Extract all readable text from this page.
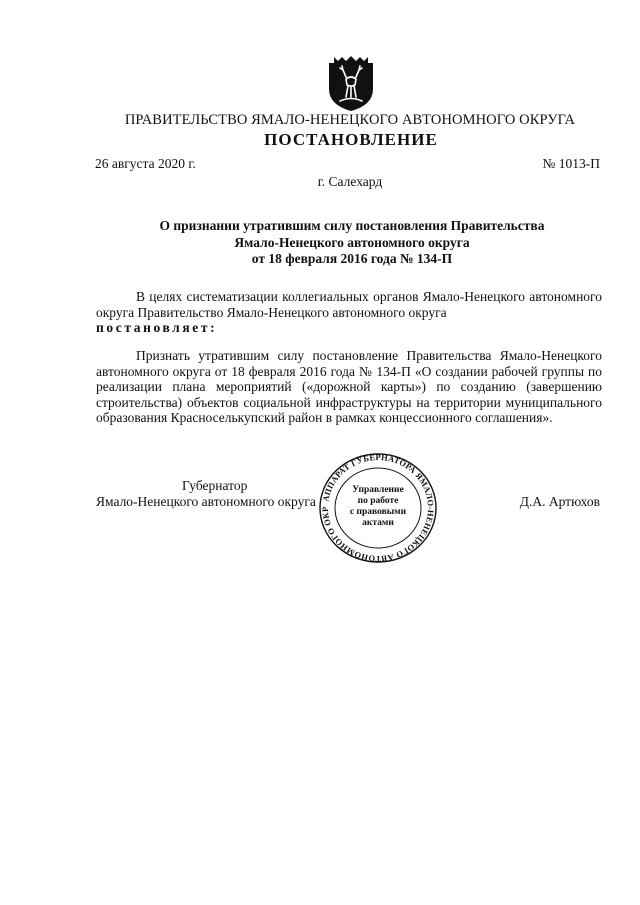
ПРАВИТЕЛЬСТВО ЯМАЛО-НЕНЕЦКОГО АВТОНОМНОГО ОКРУГА
ПОСТАНОВЛЕНИЕ
26 августа 2020 г.	№ 1013-П
г. Салехард
О признании утратившим силу постановления Правительства
Ямало-Ненецкого автономного округа
от 18 февраля 2016 года № 134-П
В целях систематизации коллегиальных органов Ямало-Ненецкого автономного округа Правительство Ямало-Ненецкого автономного округа
постановляет:
Признать утратившим силу постановление Правительства Ямало-Ненецкого автономного округа от 18 февраля 2016 года № 134-П «О создании рабочей группы по реализации плана мероприятий («дорожной карты») по созданию (завершению строительства) объектов социальной инфраструктуры на территории муниципального образования Красноселькупский район в рамках концессионного соглашения».
Губернатор
Ямало-Ненецкого автономного округа	Д.А. Артюхов
АППАРАТ ГУБЕРНАТОРА ЯМАЛО-НЕНЕЦКОГО АВТОНОМНОГО ОКР
Управление
по работе
с правовыми
актами
